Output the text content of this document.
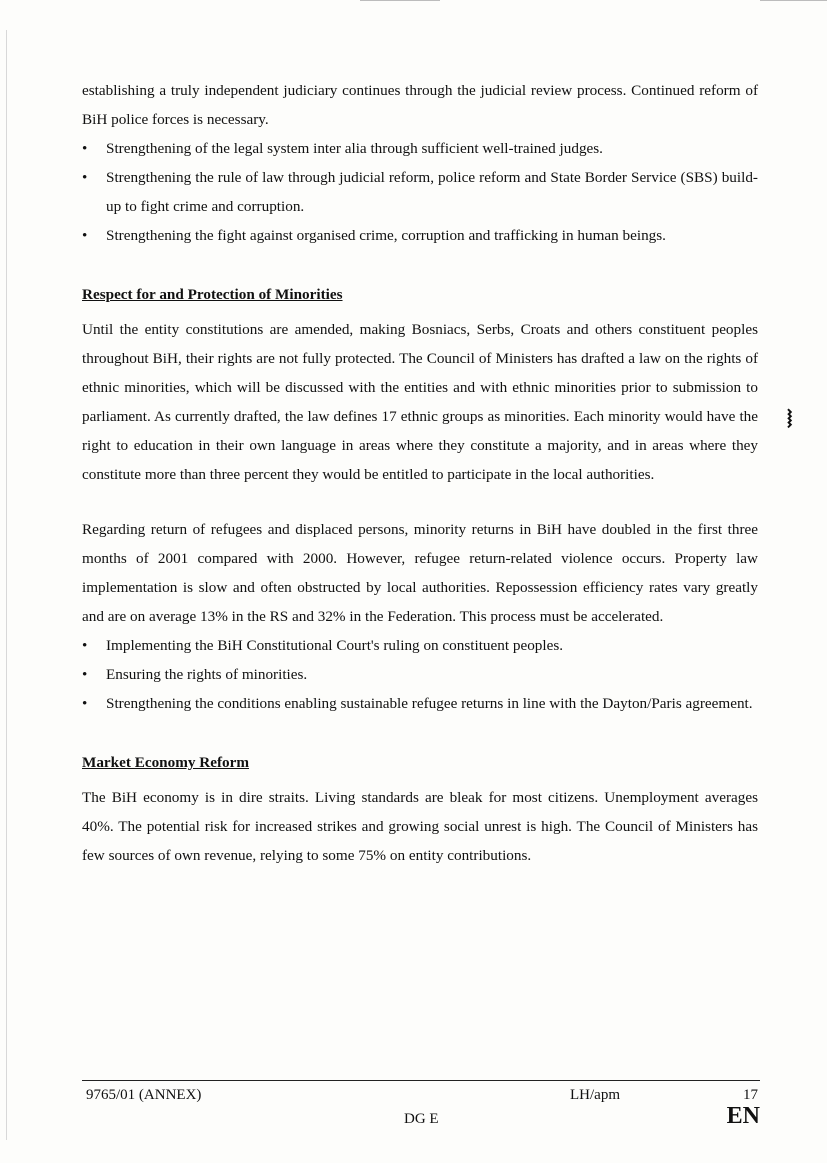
establishing a truly independent judiciary continues through the judicial review process. Continued reform of BiH police forces is necessary.

• Strengthening of the legal system inter alia through sufficient well-trained judges.
• Strengthening the rule of law through judicial reform, police reform and State Border Service (SBS) build-up to fight crime and corruption.
• Strengthening the fight against organised crime, corruption and trafficking in human beings.
Respect for and Protection of Minorities

Until the entity constitutions are amended, making Bosniacs, Serbs, Croats and others constituent peoples throughout BiH, their rights are not fully protected. The Council of Ministers has drafted a law on the rights of ethnic minorities, which will be discussed with the entities and with ethnic minorities prior to submission to parliament. As currently drafted, the law defines 17 ethnic groups as minorities. Each minority would have the right to education in their own language in areas where they constitute a majority, and in areas where they constitute more than three percent they would be entitled to participate in the local authorities.

Regarding return of refugees and displaced persons, minority returns in BiH have doubled in the first three months of 2001 compared with 2000. However, refugee return-related violence occurs. Property law implementation is slow and often obstructed by local authorities. Repossession efficiency rates vary greatly and are on average 13% in the RS and 32% in the Federation. This process must be accelerated.

• Implementing the BiH Constitutional Court's ruling on constituent peoples.
• Ensuring the rights of minorities.
• Strengthening the conditions enabling sustainable refugee returns in line with the Dayton/Paris agreement.
Market Economy Reform

The BiH economy is in dire straits. Living standards are bleak for most citizens. Unemployment averages 40%. The potential risk for increased strikes and growing social unrest is high. The Council of Ministers has few sources of own revenue, relying to some 75% on entity contributions.

⧘
9765/01 (ANNEX)	LH/apm	17
DG E	EN
